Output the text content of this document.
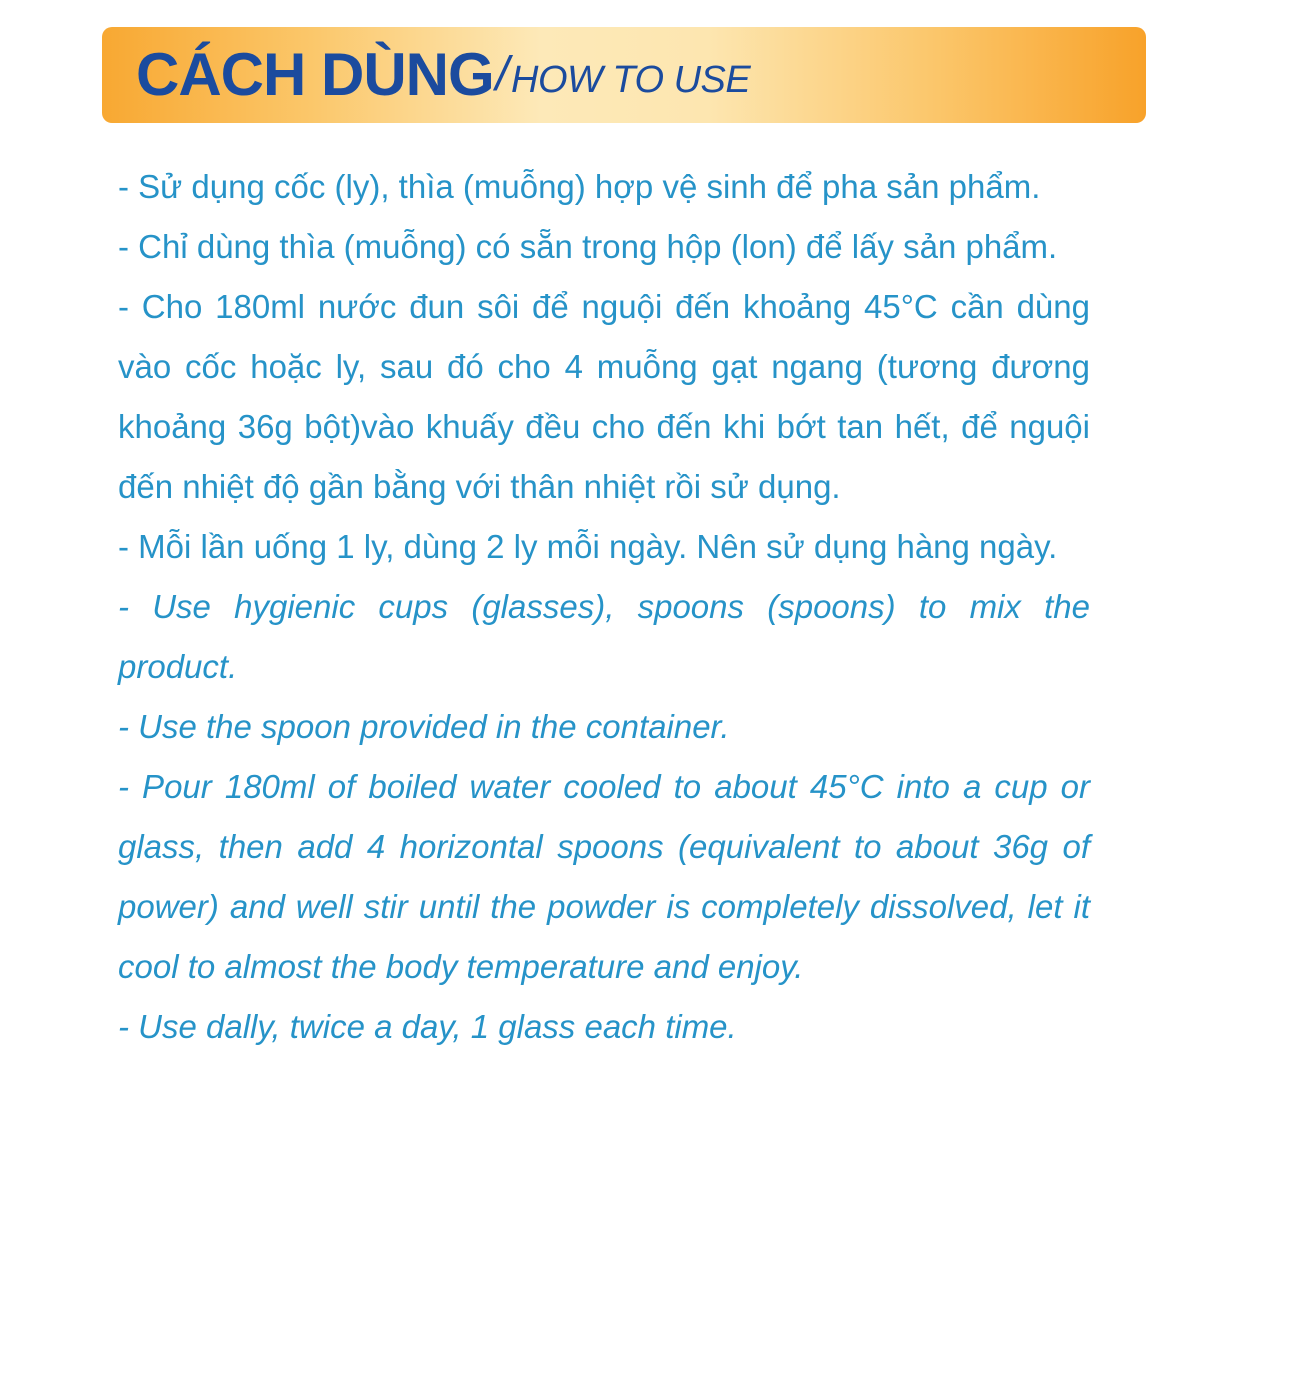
CÁCH DÙNG / HOW TO USE

- Sử dụng cốc (ly), thìa (muỗng) hợp vệ sinh để pha sản phẩm.

- Chỉ dùng thìa (muỗng) có sẵn trong hộp (lon) để lấy sản phẩm.

- Cho 180ml nước đun sôi để nguội đến khoảng 45°C cần dùng vào cốc hoặc ly, sau đó cho 4 muỗng gạt ngang (tương đương khoảng 36g bột)vào khuấy đều cho đến khi bớt tan hết, để nguội đến nhiệt độ gần bằng với thân nhiệt rồi sử dụng.

- Mỗi lần uống 1 ly, dùng 2 ly mỗi ngày. Nên sử dụng hàng ngày.

- Use hygienic cups (glasses), spoons (spoons) to mix the product.

- Use the spoon provided in the container.

- Pour 180ml of boiled water cooled to about 45°C into a cup or glass, then add 4 horizontal spoons (equivalent to about 36g of power) and well stir until the powder is completely dissolved, let it cool to almost the body temperature and enjoy.

- Use dally, twice a day, 1 glass each time.
